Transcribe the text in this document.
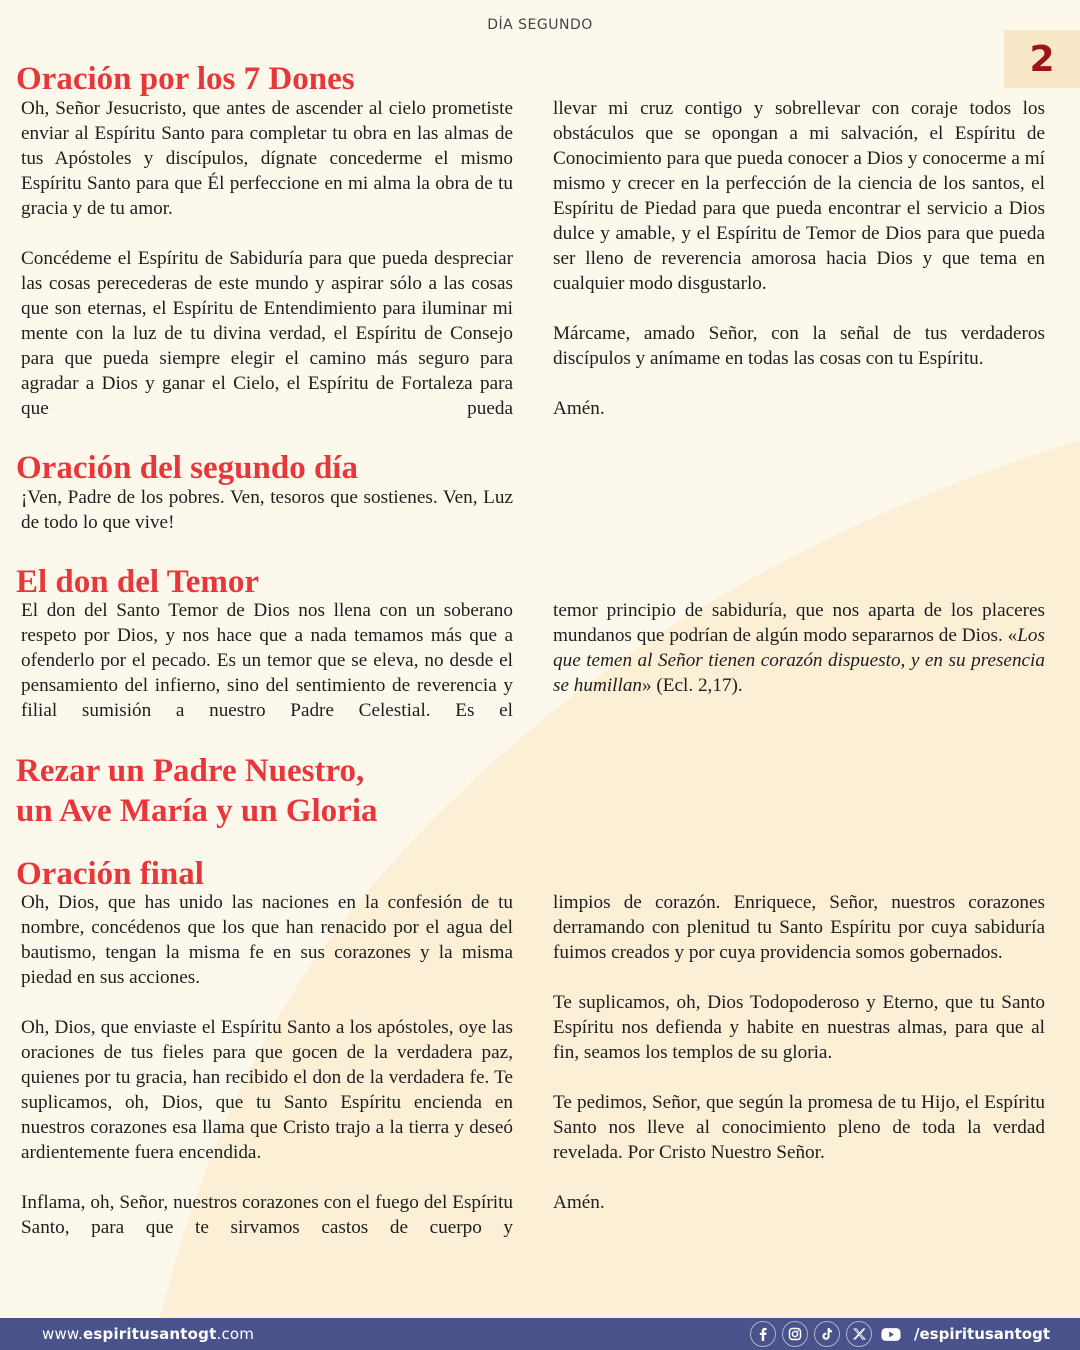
DÍA SEGUNDO
2
Oración por los 7 Dones

Oh, Señor Jesucristo, que antes de ascender al cielo prometiste enviar al Espíritu Santo para completar tu obra en las almas de tus Apóstoles y discípulos, dígnate concederme el mismo Espíritu Santo para que Él perfeccione en mi alma la obra de tu gracia y de tu amor.

Concédeme el Espíritu de Sabiduría para que pueda despreciar las cosas perecederas de este mundo y aspirar sólo a las cosas que son eternas, el Espíritu de Entendimiento para iluminar mi mente con la luz de tu divina verdad, el Espíritu de Consejo para que pueda siempre elegir el camino más seguro para agradar a Dios y ganar el Cielo, el Espíritu de Fortaleza para que pueda

llevar mi cruz contigo y sobrellevar con coraje todos los obstáculos que se opongan a mi salvación, el Espíritu de Conocimiento para que pueda conocer a Dios y conocerme a mí mismo y crecer en la perfección de la ciencia de los santos, el Espíritu de Piedad para que pueda encontrar el servicio a Dios dulce y amable, y el Espíritu de Temor de Dios para que pueda ser lleno de reverencia amorosa hacia Dios y que tema en cualquier modo disgustarlo.

Márcame, amado Señor, con la señal de tus verdaderos discípulos y anímame en todas las cosas con tu Espíritu.

Amén.

Oración del segundo día

¡Ven, Padre de los pobres. Ven, tesoros que sostienes. Ven, Luz de todo lo que vive!

El don del Temor

El don del Santo Temor de Dios nos llena con un soberano respeto por Dios, y nos hace que a nada temamos más que a ofenderlo por el pecado. Es un temor que se eleva, no desde el pensamiento del infierno, sino del sentimiento de reverencia y filial sumisión a nuestro Padre Celestial. Es el

temor principio de sabiduría, que nos aparta de los placeres mundanos que podrían de algún modo separarnos de Dios. «Los que temen al Señor tienen corazón dispuesto, y en su presencia se humillan» (Ecl. 2,17).

Rezar un Padre Nuestro,
un Ave María y un Gloria
Oración final

Oh, Dios, que has unido las naciones en la confesión de tu nombre, concédenos que los que han renacido por el agua del bautismo, tengan la misma fe en sus corazones y la misma piedad en sus acciones.

Oh, Dios, que enviaste el Espíritu Santo a los apóstoles, oye las oraciones de tus fieles para que gocen de la verdadera paz, quienes por tu gracia, han recibido el don de la verdadera fe. Te suplicamos, oh, Dios, que tu Santo Espíritu encienda en nuestros corazones esa llama que Cristo trajo a la tierra y deseó ardientemente fuera encendida.

Inflama, oh, Señor, nuestros corazones con el fuego del Espíritu Santo, para que te sirvamos castos de cuerpo y

limpios de corazón. Enriquece, Señor, nuestros corazones derramando con plenitud tu Santo Espíritu por cuya sabiduría fuimos creados y por cuya providencia somos gobernados.

Te suplicamos, oh, Dios Todopoderoso y Eterno, que tu Santo Espíritu nos defienda y habite en nuestras almas, para que al fin, seamos los templos de su gloria.

Te pedimos, Señor, que según la promesa de tu Hijo, el Espíritu Santo nos lleve al conocimiento pleno de toda la verdad revelada. Por Cristo Nuestro Señor.

Amén.

www.espiritusantogt.com	/espiritusantogt
